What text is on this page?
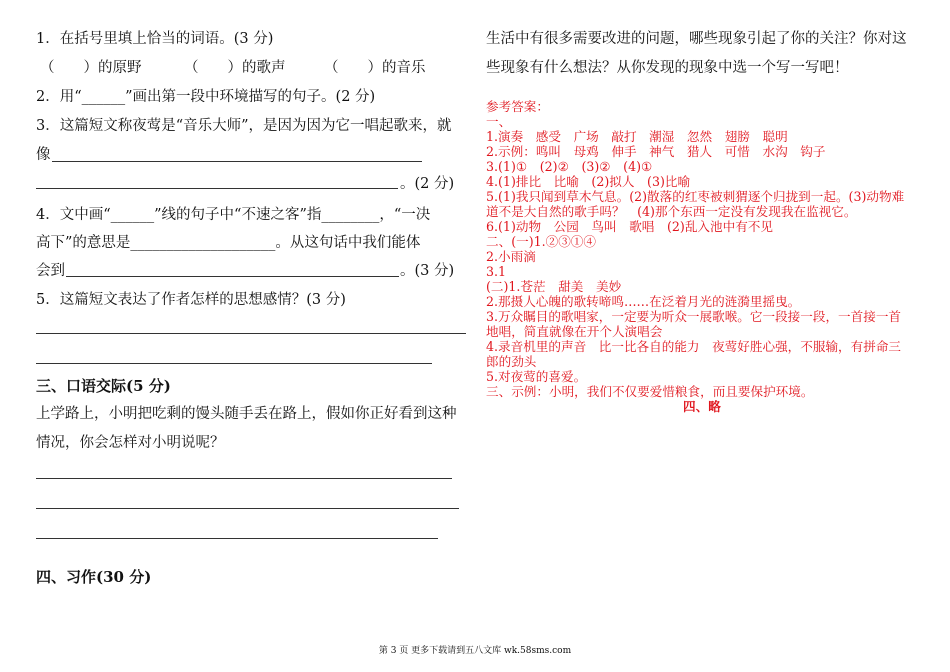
1．在括号里填上恰当的词语。(3 分)
（　　）的原野	（　　）的歌声	（　　）的音乐
2．用“______”画出第一段中环境描写的句子。(2 分)
3．这篇短文称夜莺是“音乐大师”，是因为因为它一唱起歌来，就
像
。(2 分)
4．文中画“______”线的句子中“不速之客”指________，“一决
高下”的意思是____________________。从这句话中我们能体
会到	。(3 分)
5．这篇短文表达了作者怎样的思想感情？(3 分)
三、口语交际(5 分)
上学路上，小明把吃剩的馒头随手丢在路上，假如你正好看到这种
情况，你会怎样对小明说呢？
四、习作(30 分)
生活中有很多需要改进的问题，哪些现象引起了你的关注？你对这
些现象有什么想法？从你发现的现象中选一个写一写吧！
参考答案：
一、
1.演奏　感受　广场　敲打　潮湿　忽然　翅膀　聪明
2.示例：鸣叫　母鸡　伸手　神气　猎人　可惜　水沟　钩子
3.(1)①　(2)②　(3)②　(4)①
4.(1)排比　比喻　(2)拟人　(3)比喻
5.(1)我只闻到草木气息。(2)散落的红枣被刺猬逐个归拢到一起。(3)动物难
道不是大自然的歌手吗？　(4)那个东西一定没有发现我在监视它。
6.(1)动物　公园　鸟叫　歌唱　(2)乱入池中有不见
二、(一)1.②③①④
2.小雨滴
3.1
(二)1.苍茫　甜美　美妙
2.那摄人心魄的歌转啼鸣……在泛着月光的涟漪里摇曳。
3.万众瞩目的歌唱家，一定要为听众一展歌喉。它一段接一段，一首接一首
地唱，简直就像在开个人演唱会
4.录音机里的声音　比一比各自的能力　夜莺好胜心强，不服输，有拼命三
郎的劲头
5.对夜莺的喜爱。
三、示例：小明，我们不仅要爱惜粮食，而且要保护环境。
四、略
第 3 页 更多下载请到五八文库 wk.58sms.com
